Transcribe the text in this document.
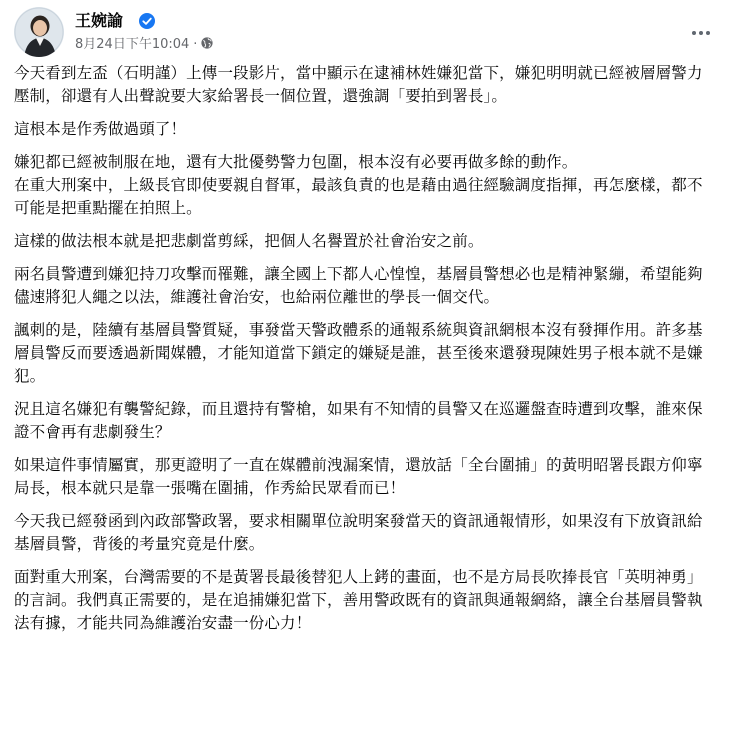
王婉諭
8月24日下午10:04 ·

今天看到左盃（石明謹）上傳一段影片，當中顯示在逮補林姓嫌犯當下，嫌犯明明就已經被層層警力壓制，卻還有人出聲說要大家給署長一個位置，還強調「要拍到署長」。

這根本是作秀做過頭了！

嫌犯都已經被制服在地，還有大批優勢警力包圍，根本沒有必要再做多餘的動作。
在重大刑案中，上級長官即使要親自督軍，最該負責的也是藉由過往經驗調度指揮，再怎麼樣，都不可能是把重點擺在拍照上。

這樣的做法根本就是把悲劇當剪綵，把個人名譽置於社會治安之前。

兩名員警遭到嫌犯持刀攻擊而罹難，讓全國上下都人心惶惶，基層員警想必也是精神緊繃，希望能夠儘速將犯人繩之以法，維護社會治安，也給兩位離世的學長一個交代。

諷刺的是，陸續有基層員警質疑，事發當天警政體系的通報系統與資訊網根本沒有發揮作用。許多基層員警反而要透過新聞媒體，才能知道當下鎖定的嫌疑是誰，甚至後來還發現陳姓男子根本就不是嫌犯。

況且這名嫌犯有襲警紀錄，而且還持有警槍，如果有不知情的員警又在巡邏盤查時遭到攻擊，誰來保證不會再有悲劇發生？

如果這件事情屬實，那更證明了一直在媒體前洩漏案情，還放話「全台圍捕」的黃明昭署長跟方仰寧局長，根本就只是靠一張嘴在圍捕，作秀給民眾看而已！

今天我已經發函到內政部警政署，要求相關單位說明案發當天的資訊通報情形，如果沒有下放資訊給基層員警，背後的考量究竟是什麼。

面對重大刑案，台灣需要的不是黃署長最後替犯人上銬的畫面，也不是方局長吹捧長官「英明神勇」的言詞。我們真正需要的，是在追捕嫌犯當下，善用警政既有的資訊與通報網絡，讓全台基層員警執法有據，才能共同為維護治安盡一份心力！
